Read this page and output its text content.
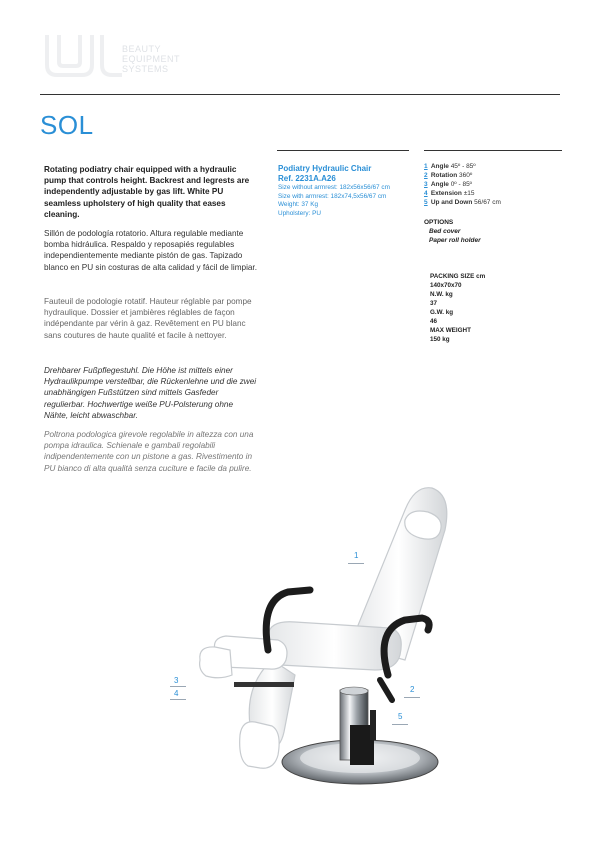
BEAUTY
EQUIPMENT
SYSTEMS
SOL

Rotating podiatry chair equipped with a hydraulic pump that controls height. Backrest and legrests are independently adjustable by gas lift. White PU seamless upholstery of high quality that eases cleaning.

Sillón de podología rotatorio. Altura regulable mediante bomba hidráulica. Respaldo y reposapiés regulables independientemente mediante pistón de gas. Tapizado blanco en PU sin costuras de alta calidad y fácil de limpiar.

Fauteuil de podologie rotatif. Hauteur réglable par pompe hydraulique. Dossier et jambières réglables de façon indépendante par vérin à gaz. Revêtement en PU blanc sans coutures de haute qualité et facile à nettoyer.

Drehbarer Fußpflegestuhl. Die Höhe ist mittels einer Hydraulikpumpe verstellbar, die Rückenlehne und die zwei unabhängigen Fußstützen sind mittels Gasfeder regulierbar. Hochwertige weiße PU-Polsterung ohne Nähte, leicht abwaschbar.

Poltrona podologica girevole regolabile in altezza con una pompa idraulica. Schienale e gambali regolabili indipendentemente con un pistone a gas. Rivestimento in PU bianco di alta qualità senza cuciture e facile da pulire.

Podiatry Hydraulic Chair
Ref. 2231A.A26
Size without armrest: 182x56x56/67 cm
Size with armrest: 182x74,5x56/67 cm
Weight: 37 Kg
Upholstery: PU
1 Angle 45º - 85º
2 Rotation 360º
3 Angle 0º - 85º
4 Extension ±15
5 Up and Down 56/67 cm
OPTIONS
Bed cover
Paper roll holder
PACKING SIZE cm
140x70x70
N.W. kg
37
G.W. kg
46
MAX WEIGHT
150 kg
1
2
3
4
5
